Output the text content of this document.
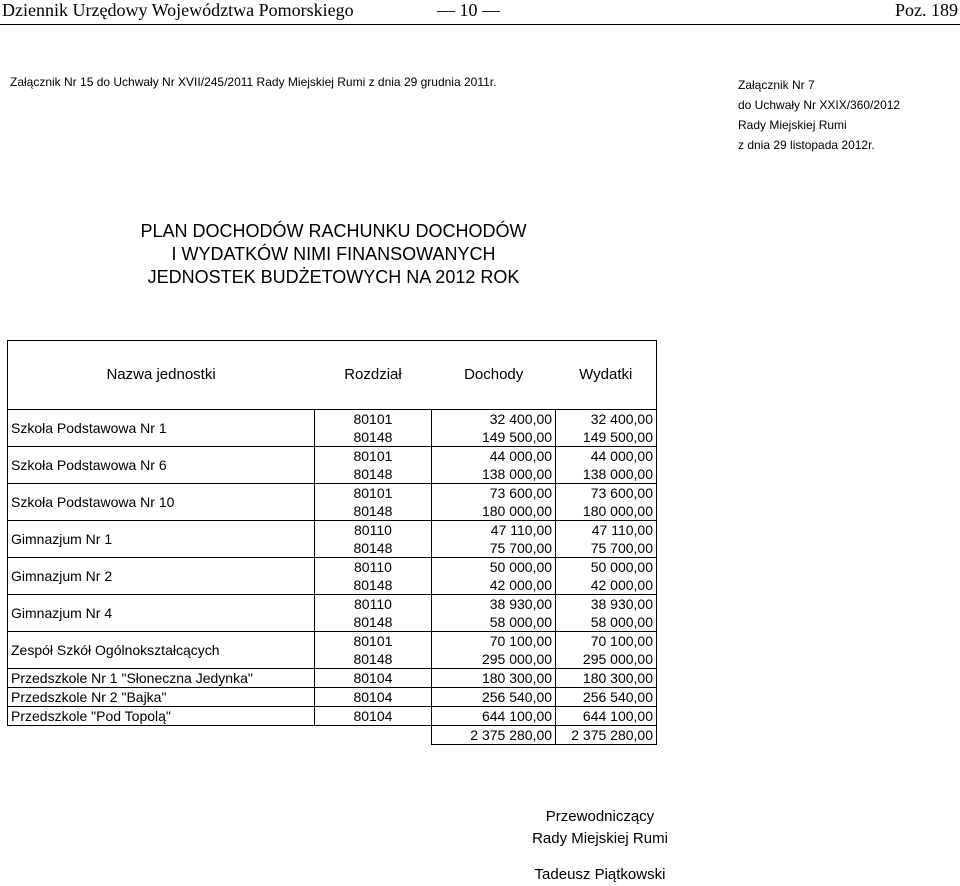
Dziennik Urzędowy Województwa Pomorskiego	— 10 —	Poz. 189
Załącznik Nr 15 do Uchwały Nr XVII/245/2011 Rady Miejskiej Rumi z dnia 29 grudnia 2011r.	Załącznik Nr 7
do Uchwały Nr XXIX/360/2012
Rady Miejskiej Rumi
z dnia 29 listopada 2012r.
PLAN DOCHODÓW RACHUNKU DOCHODÓW
I WYDATKÓW NIMI FINANSOWANYCH
JEDNOSTEK BUDŻETOWYCH NA 2012 ROK
Nazwa jednostki	Rozdział	Dochody	Wydatki
Szkoła Podstawowa Nr 1	80101	32 400,00	32 400,00
	80148	149 500,00	149 500,00
Szkoła Podstawowa Nr 6	80101	44 000,00	44 000,00
	80148	138 000,00	138 000,00
Szkoła Podstawowa Nr 10	80101	73 600,00	73 600,00
	80148	180 000,00	180 000,00
Gimnazjum Nr 1	80110	47 110,00	47 110,00
	80148	75 700,00	75 700,00
Gimnazjum Nr 2	80110	50 000,00	50 000,00
	80148	42 000,00	42 000,00
Gimnazjum Nr 4	80110	38 930,00	38 930,00
	80148	58 000,00	58 000,00
Zespół Szkół Ogólnokształcących	80101	70 100,00	70 100,00
	80148	295 000,00	295 000,00
Przedszkole Nr 1 "Słoneczna Jedynka"	80104	180 300,00	180 300,00
Przedszkole Nr 2 "Bajka"	80104	256 540,00	256 540,00
Przedszkole "Pod Topolą"	80104	644 100,00	644 100,00
		2 375 280,00	2 375 280,00
Przewodniczący
Rady Miejskiej Rumi
Tadeusz Piątkowski
